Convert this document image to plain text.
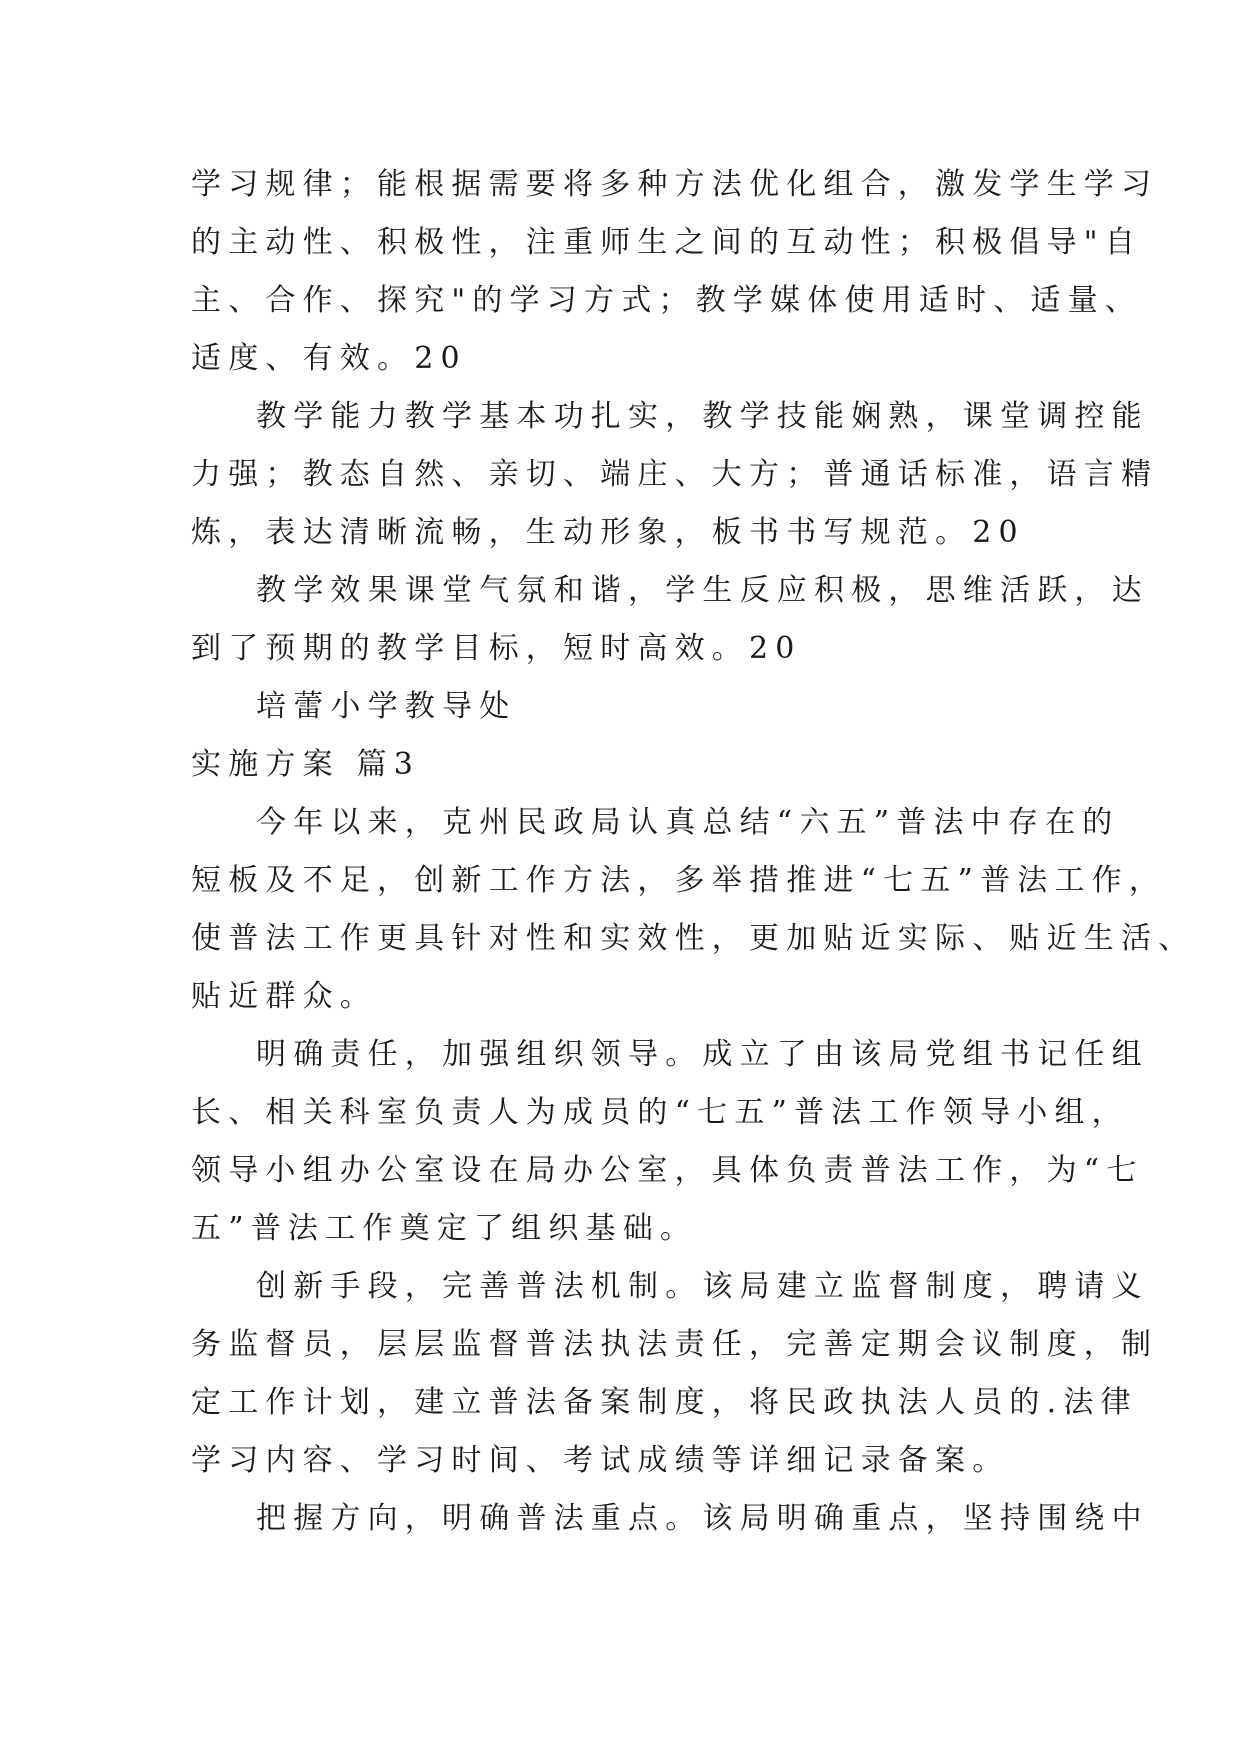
学习规律；能根据需要将多种方法优化组合，激发学生学习
的主动性、积极性，注重师生之间的互动性；积极倡导"自
主、合作、探究"的学习方式；教学媒体使用适时、适量、
适度、有效。20
教学能力教学基本功扎实，教学技能娴熟，课堂调控能
力强；教态自然、亲切、端庄、大方；普通话标准，语言精
炼，表达清晰流畅，生动形象，板书书写规范。20
教学效果课堂气氛和谐，学生反应积极，思维活跃，达
到了预期的教学目标，短时高效。20
培蕾小学教导处
实施方案 篇3
今年以来，克州民政局认真总结“六五”普法中存在的
短板及不足，创新工作方法，多举措推进“七五”普法工作，
使普法工作更具针对性和实效性，更加贴近实际、贴近生活、
贴近群众。
明确责任，加强组织领导。成立了由该局党组书记任组
长、相关科室负责人为成员的“七五”普法工作领导小组，
领导小组办公室设在局办公室，具体负责普法工作，为“七
五”普法工作奠定了组织基础。
创新手段，完善普法机制。该局建立监督制度，聘请义
务监督员，层层监督普法执法责任，完善定期会议制度，制
定工作计划，建立普法备案制度，将民政执法人员的.法律
学习内容、学习时间、考试成绩等详细记录备案。
把握方向，明确普法重点。该局明确重点，坚持围绕中
